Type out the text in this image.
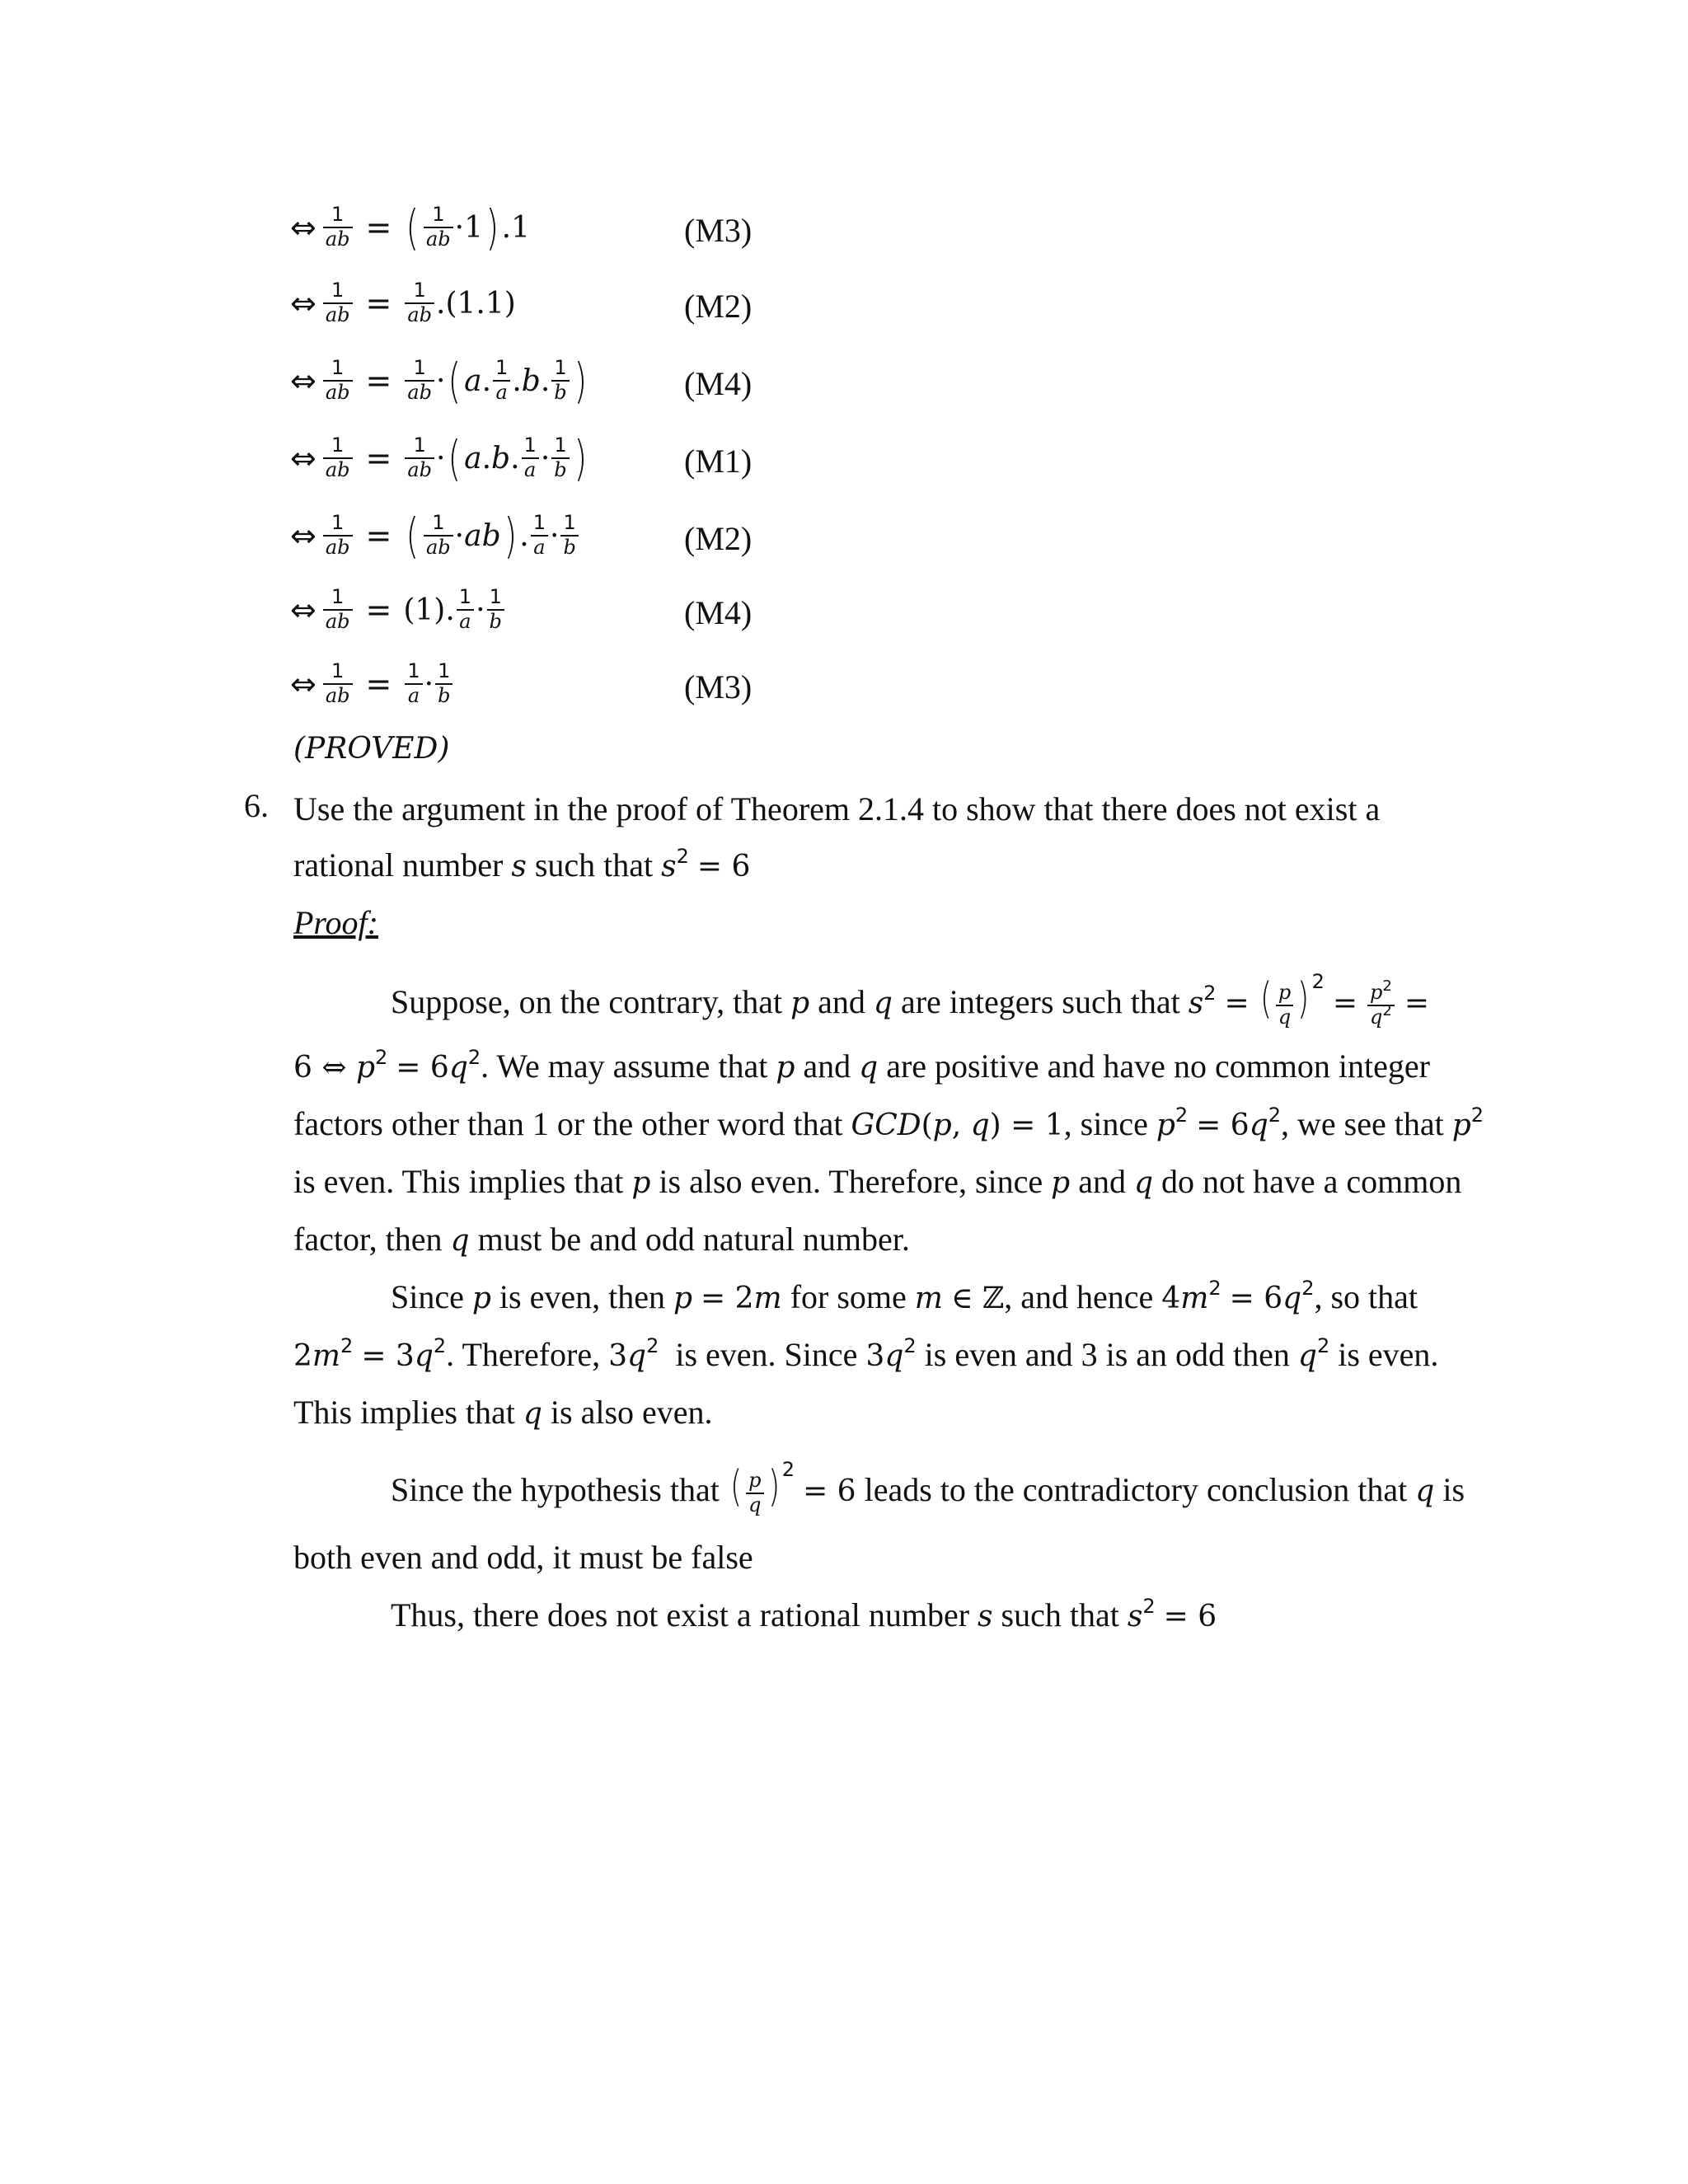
⇔ $\frac{1}{ab}$ = ( $\frac{1}{ab} \cdot 1$ ) .1	(M3)
⇔ $\frac{1}{ab} = \frac{1}{ab} .(1.1)$	(M2)
⇔ $\frac{1}{ab} = \frac{1}{ab}$ · ( a . $\frac{1}{a}$ . b . $\frac{1}{b}$ )	(M4)
⇔ $\frac{1}{ab} = \frac{1}{ab}$ · ( a . b . $\frac{1}{a} \cdot \frac{1}{b}$ )	(M1)
⇔ $\frac{1}{ab}$ = ( $\frac{1}{ab}$ · ab ) . $\frac{1}{a} \cdot \frac{1}{b}$	(M2)
⇔ $\frac{1}{ab} = (1)$. $\frac{1}{a} \cdot \frac{1}{b}$	(M4)
⇔ $\frac{1}{ab} = \frac{1}{a} \cdot \frac{1}{b}$	(M3)
(PROVED)
6. Use the argument in the proof of Theorem 2.1.4 to show that there does not exist a
rational number s such that $s^2 = 6$
Proof:
Suppose, on the contrary, that p and q are integers such that $s^2$ = ( $\frac{p}{q}$ ) $^2 = \frac{p^2}{q^2}$ =
6 ⇔ $p^2 = 6q^2$. We may assume that p and q are positive and have no common integer
factors other than 1 or the other word that GCD(p, q) = 1, since $p^2 = 6q^2$, we see that $p^2$
is even. This implies that p is also even. Therefore, since p and q do not have a common
factor, then q must be and odd natural number.
Since p is even, then p = 2m for some m ∈ ℤ, and hence $4m^2 = 6q^2$, so that
$2m^2 = 3q^2$. Therefore, $3q^2$ is even. Since $3q^2$ is even and 3 is an odd then $q^2$ is even.
This implies that q is also even.
Since the hypothesis that ( $\frac{p}{q}$ ) $^2$ = 6 leads to the contradictory conclusion that q is
both even and odd, it must be false
Thus, there does not exist a rational number s such that $s^2 = 6$
